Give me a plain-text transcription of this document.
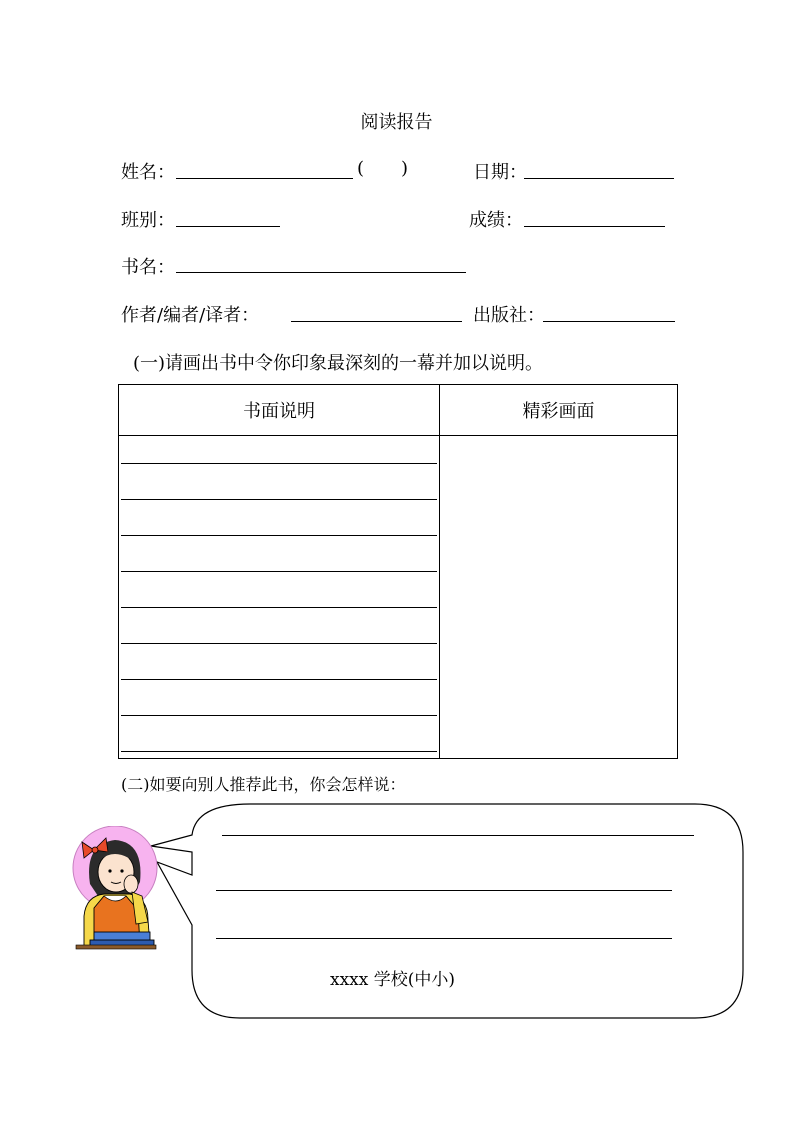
阅读报告
姓名：	( )	日期：
班别：	成绩：
书名：
作者/编者/译者：	出版社：
(一)请画出书中令你印象最深刻的一幕并加以说明。
书面说明	精彩画面

(二)如要向别人推荐此书，你会怎样说：
xxxx 学校(中小)
